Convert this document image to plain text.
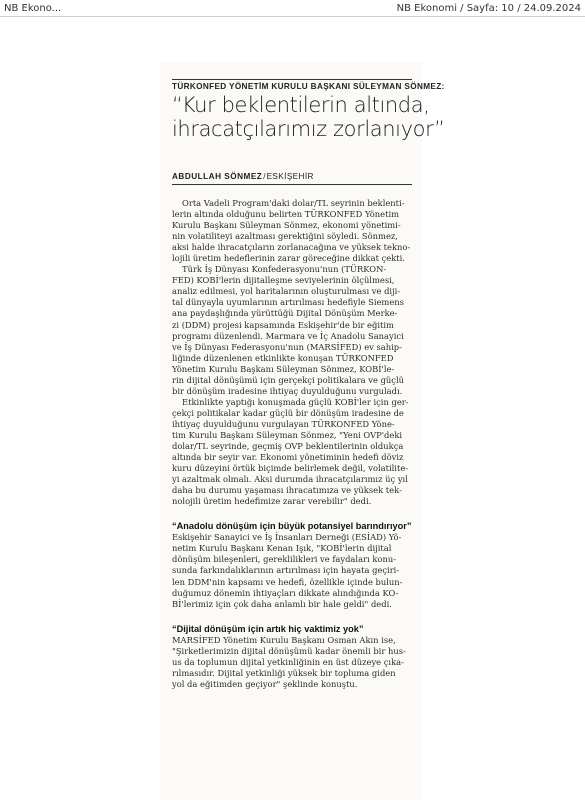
NB Ekono...	NB Ekonomi / Sayfa: 10 / 24.09.2024
TÜRKONFED YÖNETİM KURULU BAŞKANI SÜLEYMAN SÖNMEZ:
“Kur beklentilerin altında,
ihracatçılarımız zorlanıyor”
ABDULLAH SÖNMEZ/ESKİŞEHİR

Orta Vadeli Program'daki dolar/TL seyrinin beklenti-
lerin altında olduğunu belirten TÜRKONFED Yönetim
Kurulu Başkanı Süleyman Sönmez, ekonomi yönetimi-
nin volatiliteyi azaltması gerektiğini söyledi. Sönmez,
aksi halde ihracatçıların zorlanacağına ve yüksek tekno-
lojili üretim hedeflerinin zarar göreceğine dikkat çekti.

Türk İş Dünyası Konfederasyonu'nun (TÜRKON-
FED) KOBİ'lerin dijitalleşme seviyelerinin ölçülmesi,
analiz edilmesi, yol haritalarının oluşturulması ve diji-
tal dünyayla uyumlarının artırılması hedefiyle Siemens
ana paydaşlığında yürüttüğü Dijital Dönüşüm Merke-
zi (DDM) projesi kapsamında Eskişehir'de bir eğitim
programı düzenlendi. Marmara ve İç Anadolu Sanayici
ve İş Dünyası Federasyonu'nun (MARSİFED) ev sahip-
liğinde düzenlenen etkinlikte konuşan TÜRKONFED
Yönetim Kurulu Başkanı Süleyman Sönmez, KOBİ'le-
rin dijital dönüşümü için gerçekçi politikalara ve güçlü
bir dönüşüm iradesine ihtiyaç duyulduğunu vurguladı.

Etkinlikte yaptığı konuşmada güçlü KOBİ'ler için ger-
çekçi politikalar kadar güçlü bir dönüşüm iradesine de
ihtiyaç duyulduğunu vurgulayan TÜRKONFED Yöne-
tim Kurulu Başkanı Süleyman Sönmez, "Yeni OVP'deki
dolar/TL seyrinde, geçmiş OVP beklentilerinin oldukça
altında bir seyir var. Ekonomi yönetiminin hedefi döviz
kuru düzeyini örtük biçimde belirlemek değil, volatilite-
yi azaltmak olmalı. Aksi durumda ihracatçılarımız üç yıl
daha bu durumu yaşaması ihracatımıza ve yüksek tek-
nolojili üretim hedefimize zarar verebilir" dedi.

“Anadolu dönüşüm için büyük potansiyel barındırıyor”

Eskişehir Sanayici ve İş İnsanları Derneği (ESİAD) Yö-
netim Kurulu Başkanı Kenan Işık, "KOBİ'lerin dijital
dönüşüm bileşenleri, gereklilikleri ve faydaları konu-
sunda farkındalıklarının artırılması için hayata geçiri-
len DDM'nin kapsamı ve hedefi, özellikle içinde bulun-
duğumuz dönemin ihtiyaçları dikkate alındığında KO-
Bİ'lerimiz için çok daha anlamlı bir hale geldi" dedi.

“Dijital dönüşüm için artık hiç vaktimiz yok”

MARSİFED Yönetim Kurulu Başkanı Osman Akın ise,
"Şirketlerimizin dijital dönüşümü kadar önemli bir hus-
us da toplumun dijital yetkinliğinin en üst düzeye çıka-
rılmasıdır. Dijital yetkinliği yüksek bir topluma giden
yol da eğitimden geçiyor" şeklinde konuştu.
